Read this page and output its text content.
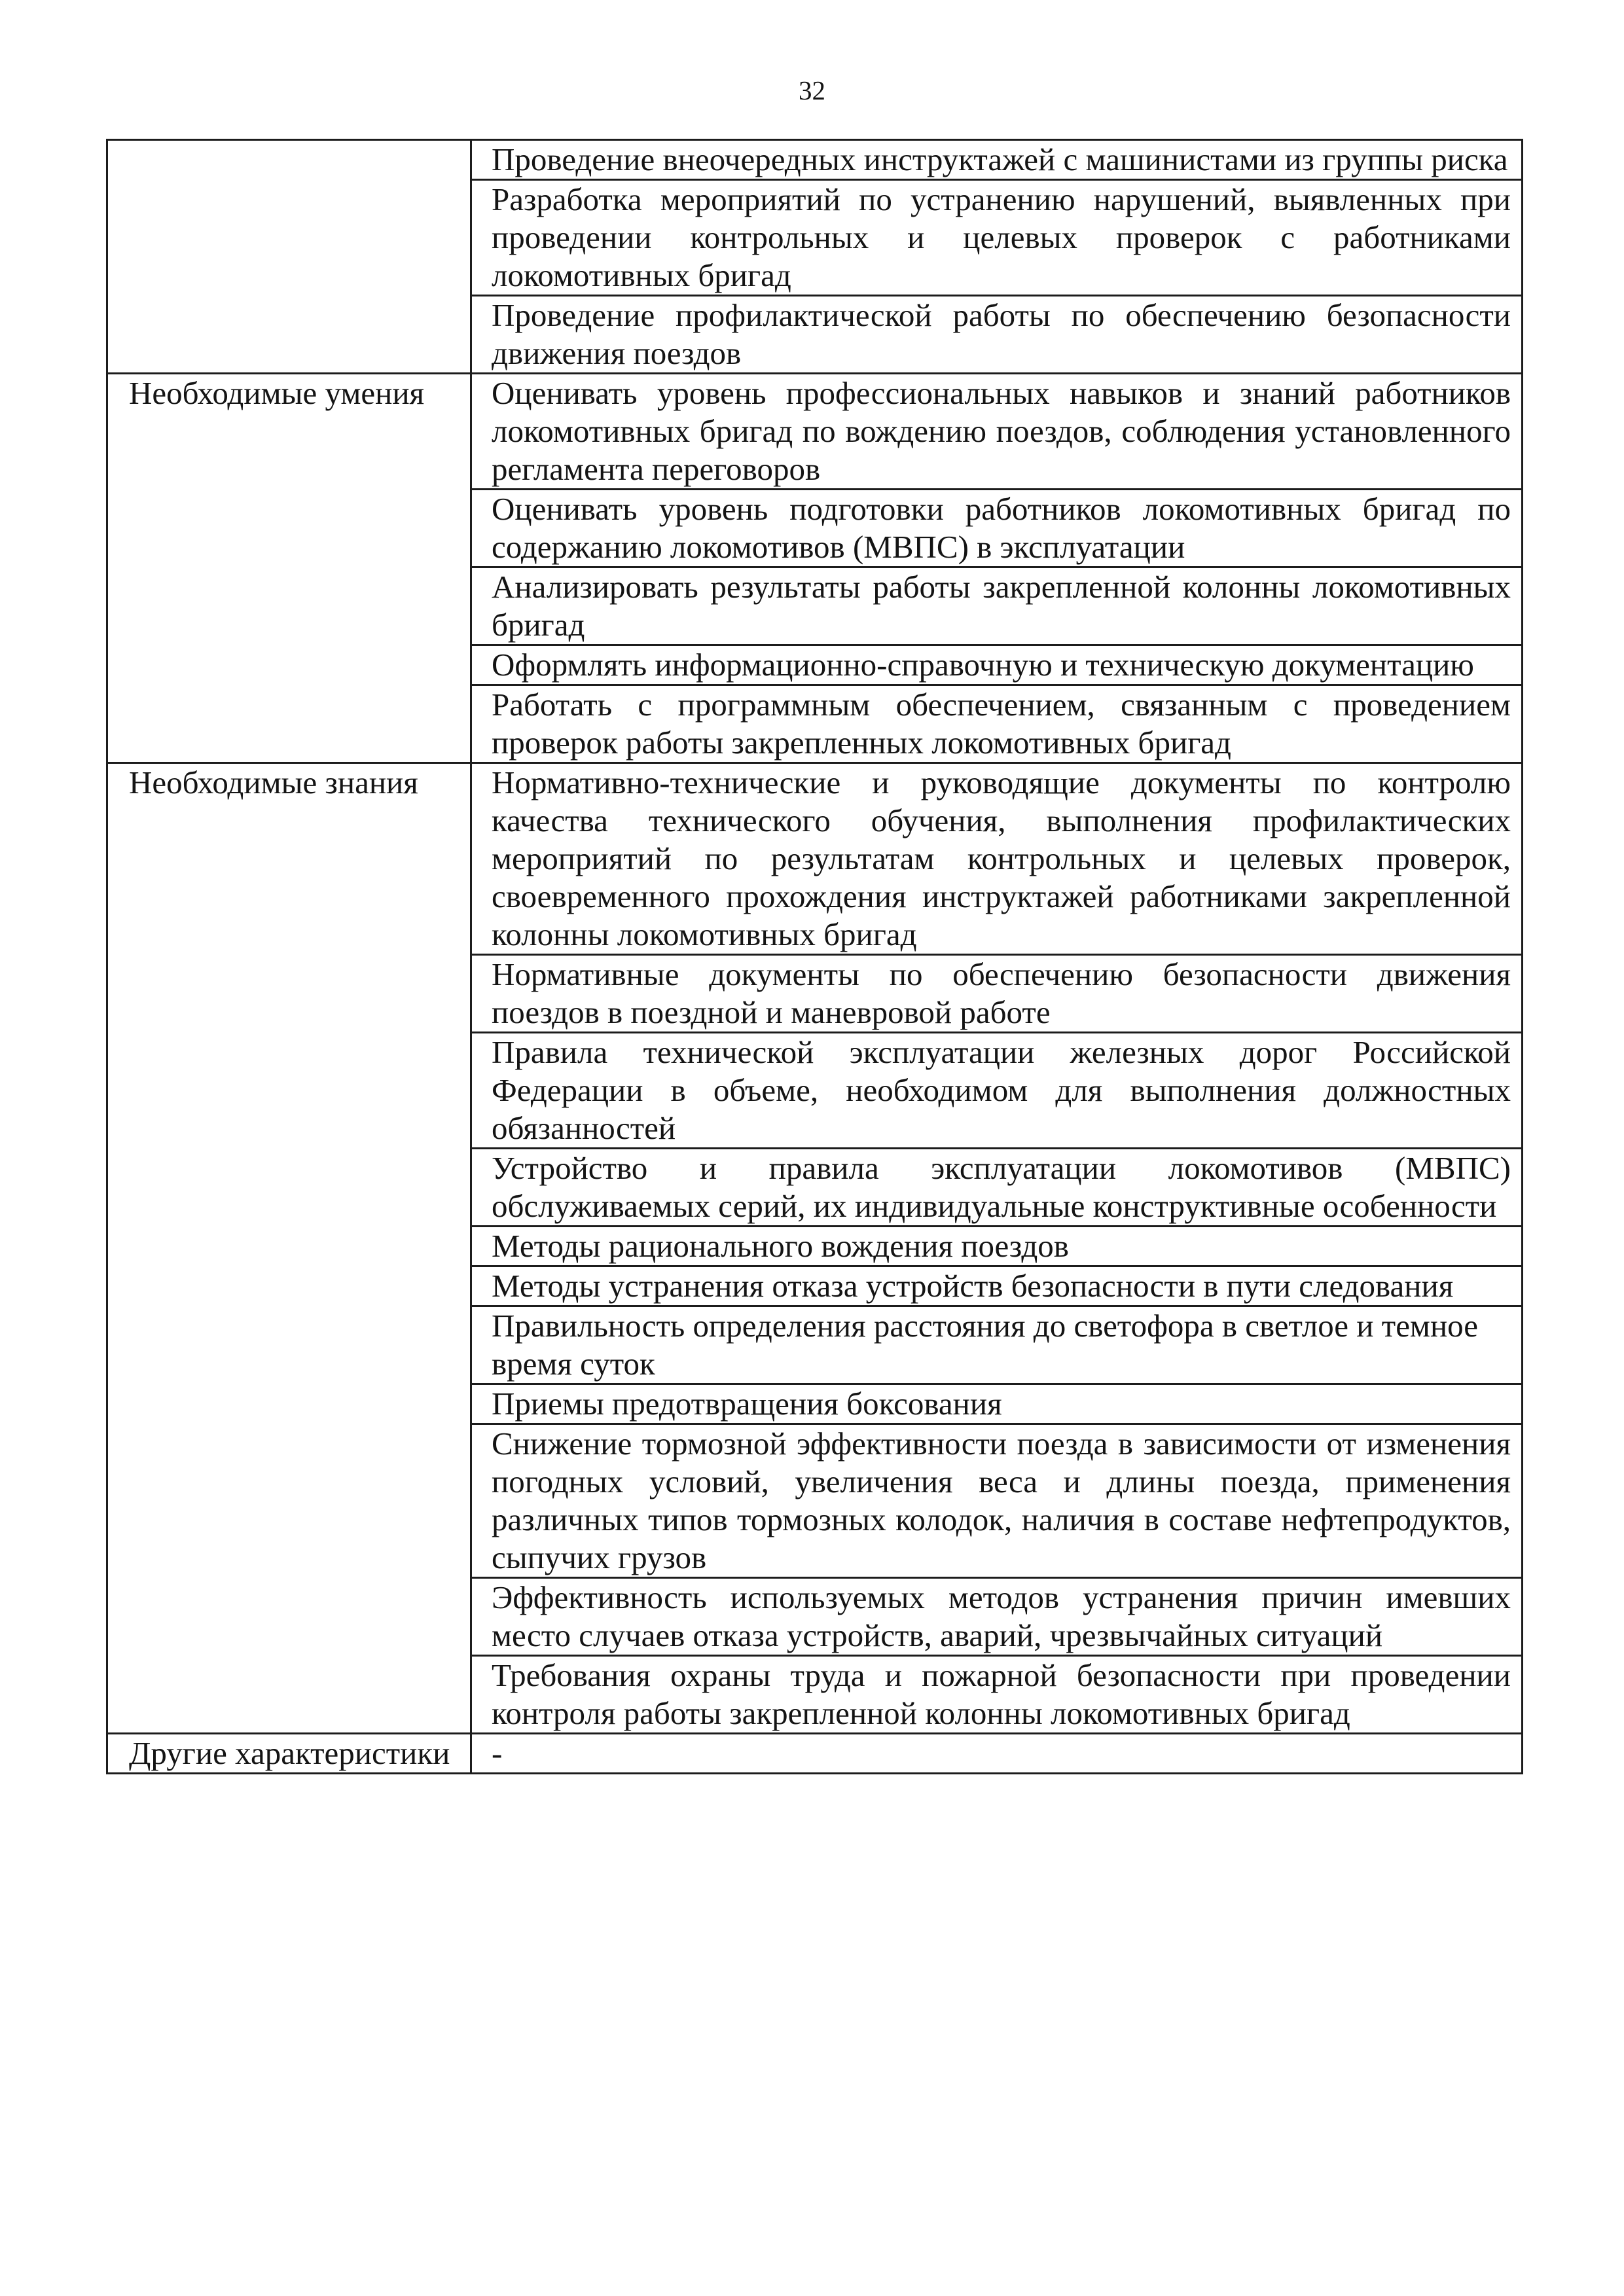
32
	Проведение внеочередных инструктажей с машинистами из группы риска
	Разработка мероприятий по устранению нарушений, выявленных при проведении контрольных и целевых проверок с работниками локомотивных бригад
	Проведение профилактической работы по обеспечению безопасности движения поездов
Необходимые умения	Оценивать уровень профессиональных навыков и знаний работников локомотивных бригад по вождению поездов, соблюдения установленного регламента переговоров
	Оценивать уровень подготовки работников локомотивных бригад по содержанию локомотивов (МВПС) в эксплуатации
	Анализировать результаты работы закрепленной колонны локомотивных бригад
	Оформлять информационно-справочную и техническую документацию
	Работать с программным обеспечением, связанным с проведением проверок работы закрепленных локомотивных бригад
Необходимые знания	Нормативно-технические и руководящие документы по контролю качества технического обучения, выполнения профилактических мероприятий по результатам контрольных и целевых проверок, своевременного прохождения инструктажей работниками закрепленной колонны локомотивных бригад
	Нормативные документы по обеспечению безопасности движения поездов в поездной и маневровой работе
	Правила технической эксплуатации железных дорог Российской Федерации в объеме, необходимом для выполнения должностных обязанностей
	Устройство и правила эксплуатации локомотивов (МВПС) обслуживаемых серий, их индивидуальные конструктивные особенности
	Методы рационального вождения поездов
	Методы устранения отказа устройств безопасности в пути следования
	Правильность определения расстояния до светофора в светлое и темное время суток
	Приемы предотвращения боксования
	Снижение тормозной эффективности поезда в зависимости от изменения погодных условий, увеличения веса и длины поезда, применения различных типов тормозных колодок, наличия в составе нефтепродуктов, сыпучих грузов
	Эффективность используемых методов устранения причин имевших место случаев отказа устройств, аварий, чрезвычайных ситуаций
	Требования охраны труда и пожарной безопасности при проведении контроля работы закрепленной колонны локомотивных бригад
Другие характеристики	-
